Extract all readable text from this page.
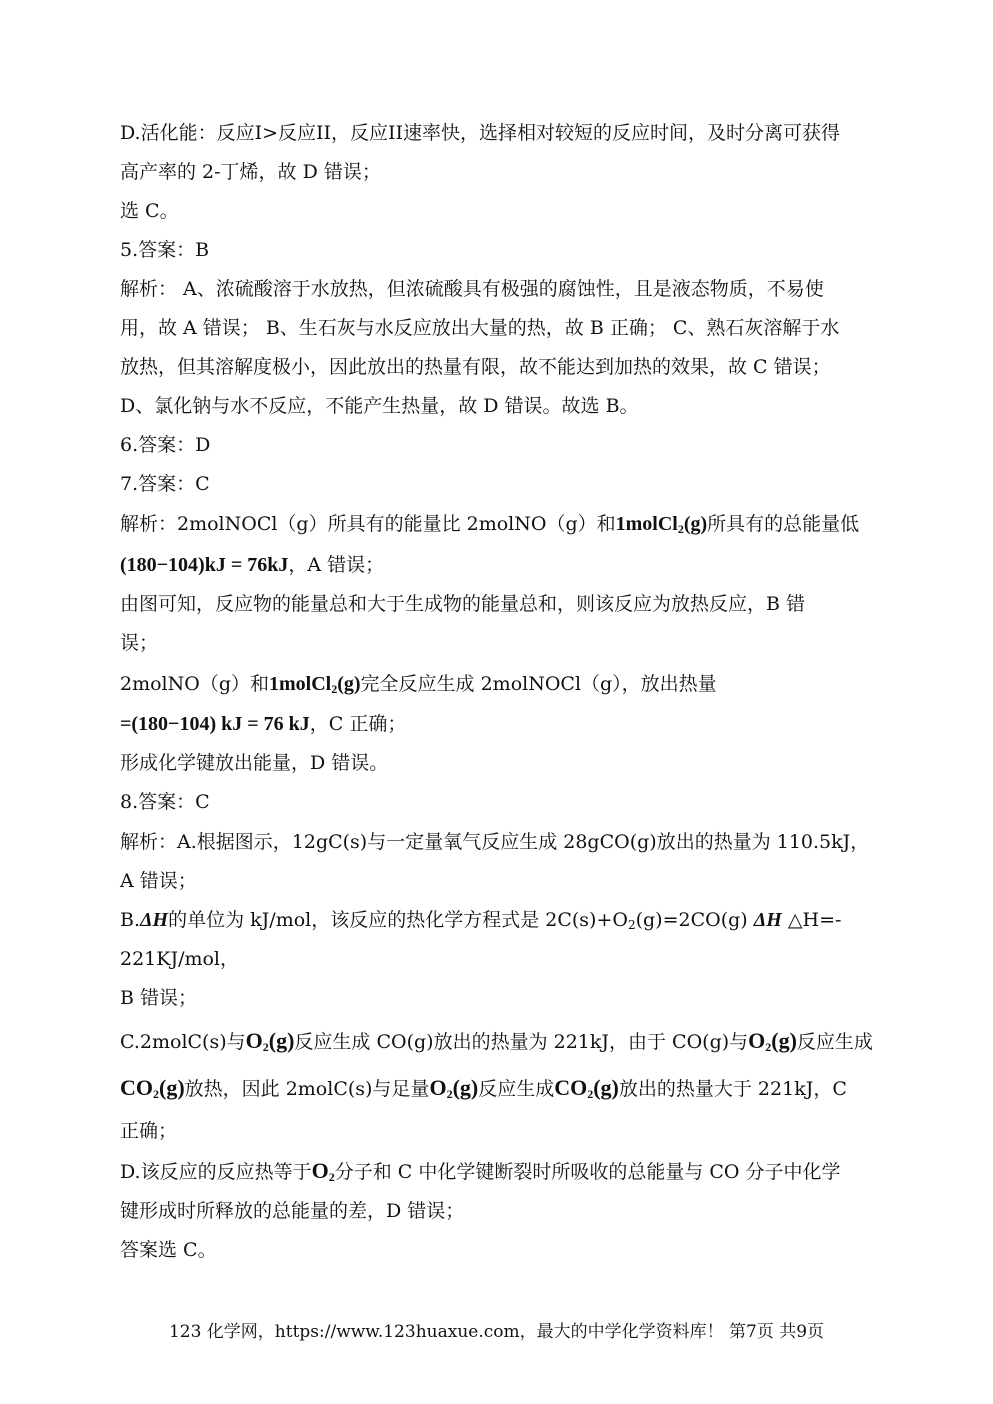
D.活化能：反应I>反应II，反应II速率快，选择相对较短的反应时间，及时分离可获得
高产率的 2-丁烯，故 D 错误；
选 C。
5.答案：B
解析： A、浓硫酸溶于水放热，但浓硫酸具有极强的腐蚀性，且是液态物质，不易使
用，故 A 错误； B、生石灰与水反应放出大量的热，故 B 正确； C、熟石灰溶解于水
放热，但其溶解度极小，因此放出的热量有限，故不能达到加热的效果，故 C 错误；
D、氯化钠与水不反应，不能产生热量，故 D 错误。故选 B。
6.答案：D
7.答案：C
解析：2molNOCl（g）所具有的能量比 2molNO（g）和1molCl$_2$(g)所具有的总能量低
(180−104)kJ = 76kJ，A 错误；
由图可知，反应物的能量总和大于生成物的能量总和，则该反应为放热反应，B 错
误；
2molNO（g）和1molCl$_2$(g)完全反应生成 2molNOCl（g），放出热量
=(180−104) kJ = 76 kJ，C 正确；
形成化学键放出能量，D 错误。
8.答案：C
解析：A.根据图示，12gC(s)与一定量氧气反应生成 28gCO(g)放出的热量为 110.5kJ，
A 错误；
B.ΔH的单位为 kJ/mol，该反应的热化学方程式是 $2C(s)+O_2(g)=2CO(g)$ ΔH △H=-
221KJ/mol，
B 错误；
C.2molC(s)与$O_2(g)$反应生成 CO(g)放出的热量为 221kJ，由于 CO(g)与$O_2(g)$反应生成
$CO_2(g)$放热，因此 2molC(s)与足量$O_2(g)$反应生成$CO_2(g)$放出的热量大于 221kJ，C
正确；
D.该反应的反应热等于$O_2$分子和 C 中化学键断裂时所吸收的总能量与 CO 分子中化学
键形成时所释放的总能量的差，D 错误；
答案选 C。
123 化学网，https://www.123huaxue.com，最大的中学化学资料库！ 第7页 共9页
